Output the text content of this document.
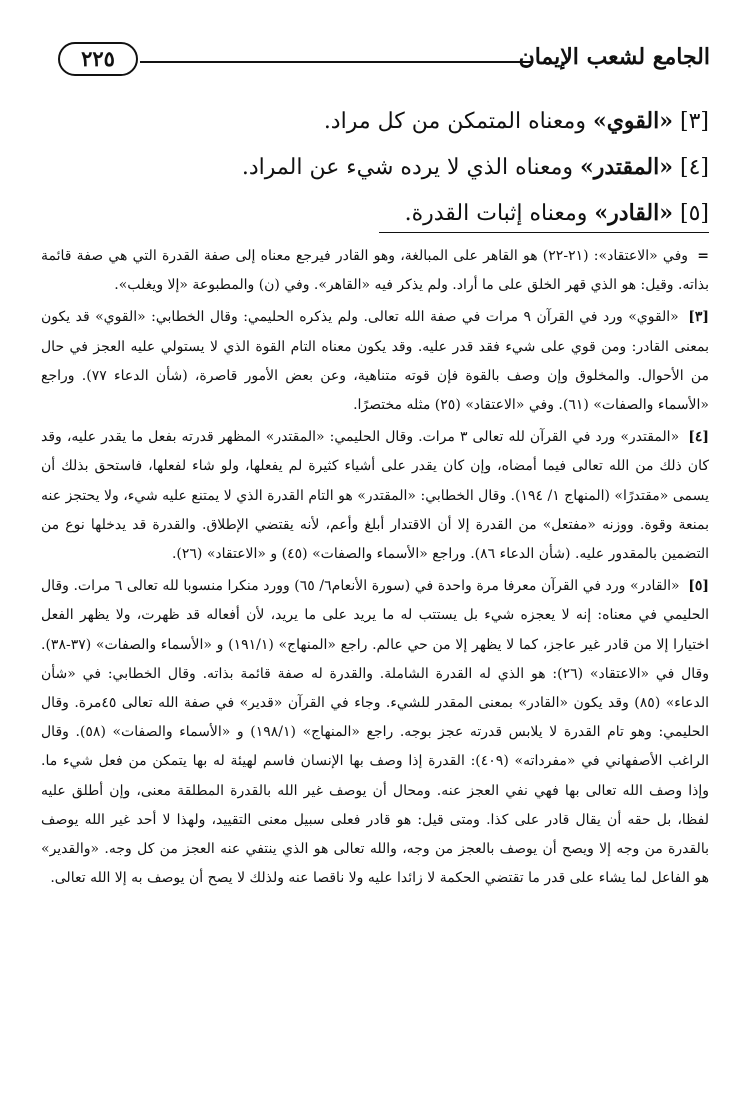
الجامع لشعب الإيمان
٢٢٥
[٣] «القوي» ومعناه المتمكن من كل مراد.
[٤] «المقتدر» ومعناه الذي لا يرده شيء عن المراد.
[٥] «القادر» ومعناه إثبات القدرة.

= وفي «الاعتقاد»: (٢١-٢٢) هو القاهر على المبالغة، وهو القادر فيرجع معناه إلى صفة القدرة التي هي صفة قائمة بذاته. وقيل: هو الذي قهر الخلق على ما أراد. ولم يذكر فيه «القاهر». وفي (ن) والمطبوعة «إلا ويغلب».

[٣] «القوي» ورد في القرآن ٩ مرات في صفة الله تعالى. ولم يذكره الحليمي: وقال الخطابي: «القوي» قد يكون بمعنى القادر: ومن قوي على شيء فقد قدر عليه. وقد يكون معناه التام القوة الذي لا يستولي عليه العجز في حال من الأحوال. والمخلوق وإن وصف بالقوة فإن قوته متناهية، وعن بعض الأمور قاصرة، (شأن الدعاء ٧٧). وراجع «الأسماء والصفات» (٦١). وفي «الاعتقاد» (٢٥) مثله مختصرًا.

[٤] «المقتدر» ورد في القرآن لله تعالى ٣ مرات. وقال الحليمي: «المقتدر» المظهر قدرته بفعل ما يقدر عليه، وقد كان ذلك من الله تعالى فيما أمضاه، وإن كان يقدر على أشياء كثيرة لم يفعلها، ولو شاء لفعلها، فاستحق بذلك أن يسمى «مقتدرًا» (المنهاج ١/ ١٩٤). وقال الخطابي: «المقتدر» هو التام القدرة الذي لا يمتنع عليه شيء، ولا يحتجز عنه بمنعة وقوة. ووزنه «مفتعل» من القدرة إلا أن الاقتدار أبلغ وأعم، لأنه يقتضي الإطلاق. والقدرة قد يدخلها نوع من التضمين بالمقدور عليه. (شأن الدعاء ٨٦). وراجع «الأسماء والصفات» (٤٥) و «الاعتقاد» (٢٦).

[٥] «القادر» ورد في القرآن معرفا مرة واحدة في (سورة الأنعام٦/ ٦٥) وورد منكرا منسوبا لله تعالى ٦ مرات. وقال الحليمي في معناه: إنه لا يعجزه شيء بل يستتب له ما يريد على ما يريد، لأن أفعاله قد ظهرت، ولا يظهر الفعل اختيارا إلا من قادر غير عاجز، كما لا يظهر إلا من حي عالم. راجع «المنهاج» (١٩١/١) و «الأسماء والصفات» (٣٧-٣٨). وقال في «الاعتقاد» (٢٦): هو الذي له القدرة الشاملة. والقدرة له صفة قائمة بذاته. وقال الخطابي: في «شأن الدعاء» (٨٥) وقد يكون «القادر» بمعنى المقدر للشيء. وجاء في القرآن «قدير» في صفة الله تعالى ٤٥مرة. وقال الحليمي: وهو تام القدرة لا يلابس قدرته عجز بوجه. راجع «المنهاج» (١٩٨/١) و «الأسماء والصفات» (٥٨). وقال الراغب الأصفهاني في «مفرداته» (٤٠٩): القدرة إذا وصف بها الإنسان فاسم لهيئة له بها يتمكن من فعل شيء ما. وإذا وصف الله تعالى بها فهي نفي العجز عنه. ومحال أن يوصف غير الله بالقدرة المطلقة معنى، وإن أطلق عليه لفظا، بل حقه أن يقال قادر على كذا. ومتى قيل: هو قادر فعلى سبيل معنى التقييد، ولهذا لا أحد غير الله يوصف بالقدرة من وجه إلا ويصح أن يوصف بالعجز من وجه، والله تعالى هو الذي ينتفي عنه العجز من كل وجه. «والقدير» هو الفاعل لما يشاء على قدر ما تقتضي الحكمة لا زائدا عليه ولا ناقصا عنه ولذلك لا يصح أن يوصف به إلا الله تعالى.
